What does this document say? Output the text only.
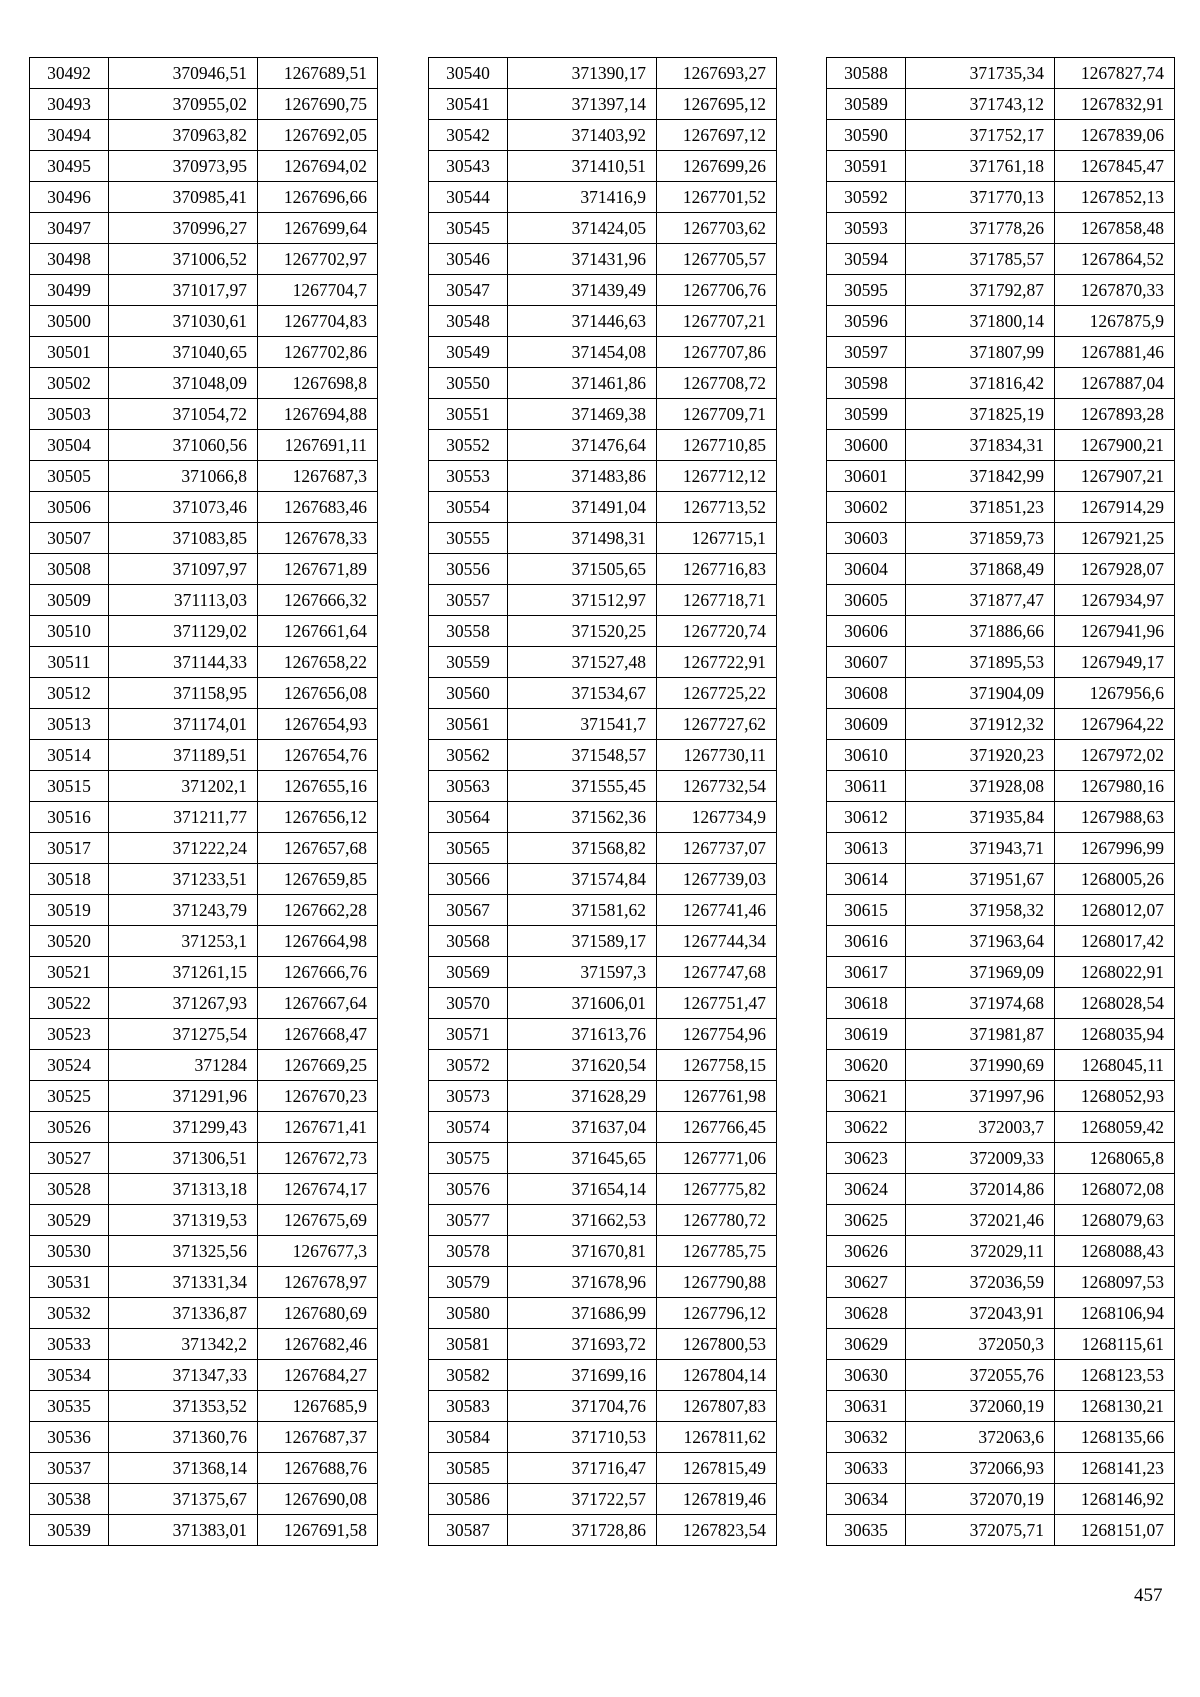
30492	370946,51	1267689,51
30493	370955,02	1267690,75
30494	370963,82	1267692,05
30495	370973,95	1267694,02
30496	370985,41	1267696,66
30497	370996,27	1267699,64
30498	371006,52	1267702,97
30499	371017,97	1267704,7
30500	371030,61	1267704,83
30501	371040,65	1267702,86
30502	371048,09	1267698,8
30503	371054,72	1267694,88
30504	371060,56	1267691,11
30505	371066,8	1267687,3
30506	371073,46	1267683,46
30507	371083,85	1267678,33
30508	371097,97	1267671,89
30509	371113,03	1267666,32
30510	371129,02	1267661,64
30511	371144,33	1267658,22
30512	371158,95	1267656,08
30513	371174,01	1267654,93
30514	371189,51	1267654,76
30515	371202,1	1267655,16
30516	371211,77	1267656,12
30517	371222,24	1267657,68
30518	371233,51	1267659,85
30519	371243,79	1267662,28
30520	371253,1	1267664,98
30521	371261,15	1267666,76
30522	371267,93	1267667,64
30523	371275,54	1267668,47
30524	371284	1267669,25
30525	371291,96	1267670,23
30526	371299,43	1267671,41
30527	371306,51	1267672,73
30528	371313,18	1267674,17
30529	371319,53	1267675,69
30530	371325,56	1267677,3
30531	371331,34	1267678,97
30532	371336,87	1267680,69
30533	371342,2	1267682,46
30534	371347,33	1267684,27
30535	371353,52	1267685,9
30536	371360,76	1267687,37
30537	371368,14	1267688,76
30538	371375,67	1267690,08
30539	371383,01	1267691,58
30540	371390,17	1267693,27
30541	371397,14	1267695,12
30542	371403,92	1267697,12
30543	371410,51	1267699,26
30544	371416,9	1267701,52
30545	371424,05	1267703,62
30546	371431,96	1267705,57
30547	371439,49	1267706,76
30548	371446,63	1267707,21
30549	371454,08	1267707,86
30550	371461,86	1267708,72
30551	371469,38	1267709,71
30552	371476,64	1267710,85
30553	371483,86	1267712,12
30554	371491,04	1267713,52
30555	371498,31	1267715,1
30556	371505,65	1267716,83
30557	371512,97	1267718,71
30558	371520,25	1267720,74
30559	371527,48	1267722,91
30560	371534,67	1267725,22
30561	371541,7	1267727,62
30562	371548,57	1267730,11
30563	371555,45	1267732,54
30564	371562,36	1267734,9
30565	371568,82	1267737,07
30566	371574,84	1267739,03
30567	371581,62	1267741,46
30568	371589,17	1267744,34
30569	371597,3	1267747,68
30570	371606,01	1267751,47
30571	371613,76	1267754,96
30572	371620,54	1267758,15
30573	371628,29	1267761,98
30574	371637,04	1267766,45
30575	371645,65	1267771,06
30576	371654,14	1267775,82
30577	371662,53	1267780,72
30578	371670,81	1267785,75
30579	371678,96	1267790,88
30580	371686,99	1267796,12
30581	371693,72	1267800,53
30582	371699,16	1267804,14
30583	371704,76	1267807,83
30584	371710,53	1267811,62
30585	371716,47	1267815,49
30586	371722,57	1267819,46
30587	371728,86	1267823,54
30588	371735,34	1267827,74
30589	371743,12	1267832,91
30590	371752,17	1267839,06
30591	371761,18	1267845,47
30592	371770,13	1267852,13
30593	371778,26	1267858,48
30594	371785,57	1267864,52
30595	371792,87	1267870,33
30596	371800,14	1267875,9
30597	371807,99	1267881,46
30598	371816,42	1267887,04
30599	371825,19	1267893,28
30600	371834,31	1267900,21
30601	371842,99	1267907,21
30602	371851,23	1267914,29
30603	371859,73	1267921,25
30604	371868,49	1267928,07
30605	371877,47	1267934,97
30606	371886,66	1267941,96
30607	371895,53	1267949,17
30608	371904,09	1267956,6
30609	371912,32	1267964,22
30610	371920,23	1267972,02
30611	371928,08	1267980,16
30612	371935,84	1267988,63
30613	371943,71	1267996,99
30614	371951,67	1268005,26
30615	371958,32	1268012,07
30616	371963,64	1268017,42
30617	371969,09	1268022,91
30618	371974,68	1268028,54
30619	371981,87	1268035,94
30620	371990,69	1268045,11
30621	371997,96	1268052,93
30622	372003,7	1268059,42
30623	372009,33	1268065,8
30624	372014,86	1268072,08
30625	372021,46	1268079,63
30626	372029,11	1268088,43
30627	372036,59	1268097,53
30628	372043,91	1268106,94
30629	372050,3	1268115,61
30630	372055,76	1268123,53
30631	372060,19	1268130,21
30632	372063,6	1268135,66
30633	372066,93	1268141,23
30634	372070,19	1268146,92
30635	372075,71	1268151,07
457
